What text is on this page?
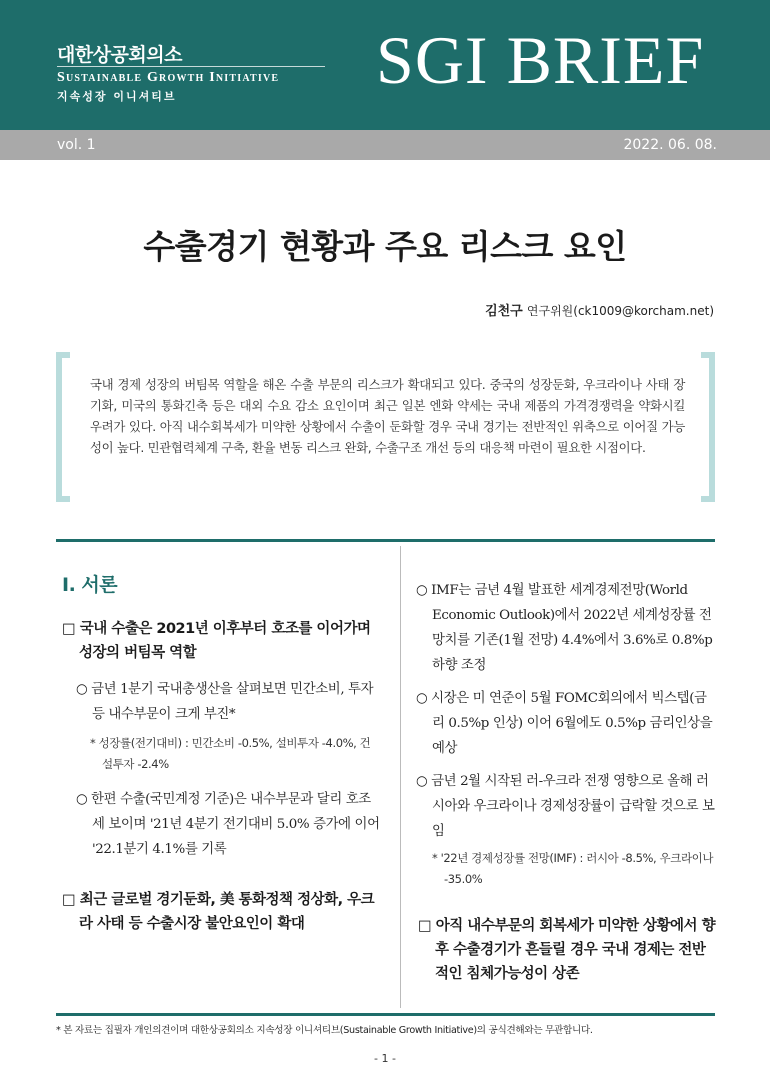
대한상공회의소
Sustainable Growth Initiative
지속성장 이니셔티브	SGI BRIEF
vol. 1	2022. 06. 08.
수출경기 현황과 주요 리스크 요인
김천구 연구위원(ck1009@korcham.net)

국내 경제 성장의 버팀목 역할을 해온 수출 부문의 리스크가 확대되고 있다. 중국의 성장둔화, 우크라이나 사태 장기화, 미국의 통화긴축 등은 대외 수요 감소 요인이며 최근 일본 엔화 약세는 국내 제품의 가격경쟁력을 약화시킬 우려가 있다. 아직 내수회복세가 미약한 상황에서 수출이 둔화할 경우 국내 경기는 전반적인 위축으로 이어질 가능성이 높다. 민관협력체계 구축, 환율 변동 리스크 완화, 수출구조 개선 등의 대응책 마련이 필요한 시점이다.

Ⅰ. 서론

□ 국내 수출은 2021년 이후부터 호조를 이어가며 성장의 버팀목 역할

○ 금년 1분기 국내총생산을 살펴보면 민간소비, 투자 등 내수부문이 크게 부진*

* 성장률(전기대비) : 민간소비 -0.5%, 설비투자 -4.0%, 건설투자 -2.4%

○ 한편 수출(국민계정 기준)은 내수부문과 달리 호조세 보이며 '21년 4분기 전기대비 5.0% 증가에 이어 '22.1분기 4.1%를 기록

□ 최근 글로벌 경기둔화, 美 통화정책 정상화, 우크라 사태 등 수출시장 불안요인이 확대

○ IMF는 금년 4월 발표한 세계경제전망(World Economic Outlook)에서 2022년 세계성장률 전망치를 기존(1월 전망) 4.4%에서 3.6%로 0.8%p 하향 조정

○ 시장은 미 연준이 5월 FOMC회의에서 빅스텝(금리 0.5%p 인상) 이어 6월에도 0.5%p 금리인상을 예상

○ 금년 2월 시작된 러-우크라 전쟁 영향으로 올해 러시아와 우크라이나 경제성장률이 급락할 것으로 보임

* '22년 경제성장률 전망(IMF) : 러시아 -8.5%, 우크라이나 -35.0%

□ 아직 내수부문의 회복세가 미약한 상황에서 향후 수출경기가 흔들릴 경우 국내 경제는 전반적인 침체가능성이 상존

* 본 자료는 집필자 개인의견이며 대한상공회의소 지속성장 이니셔티브(Sustainable Growth Initiative)의 공식견해와는 무관합니다.
- 1 -
